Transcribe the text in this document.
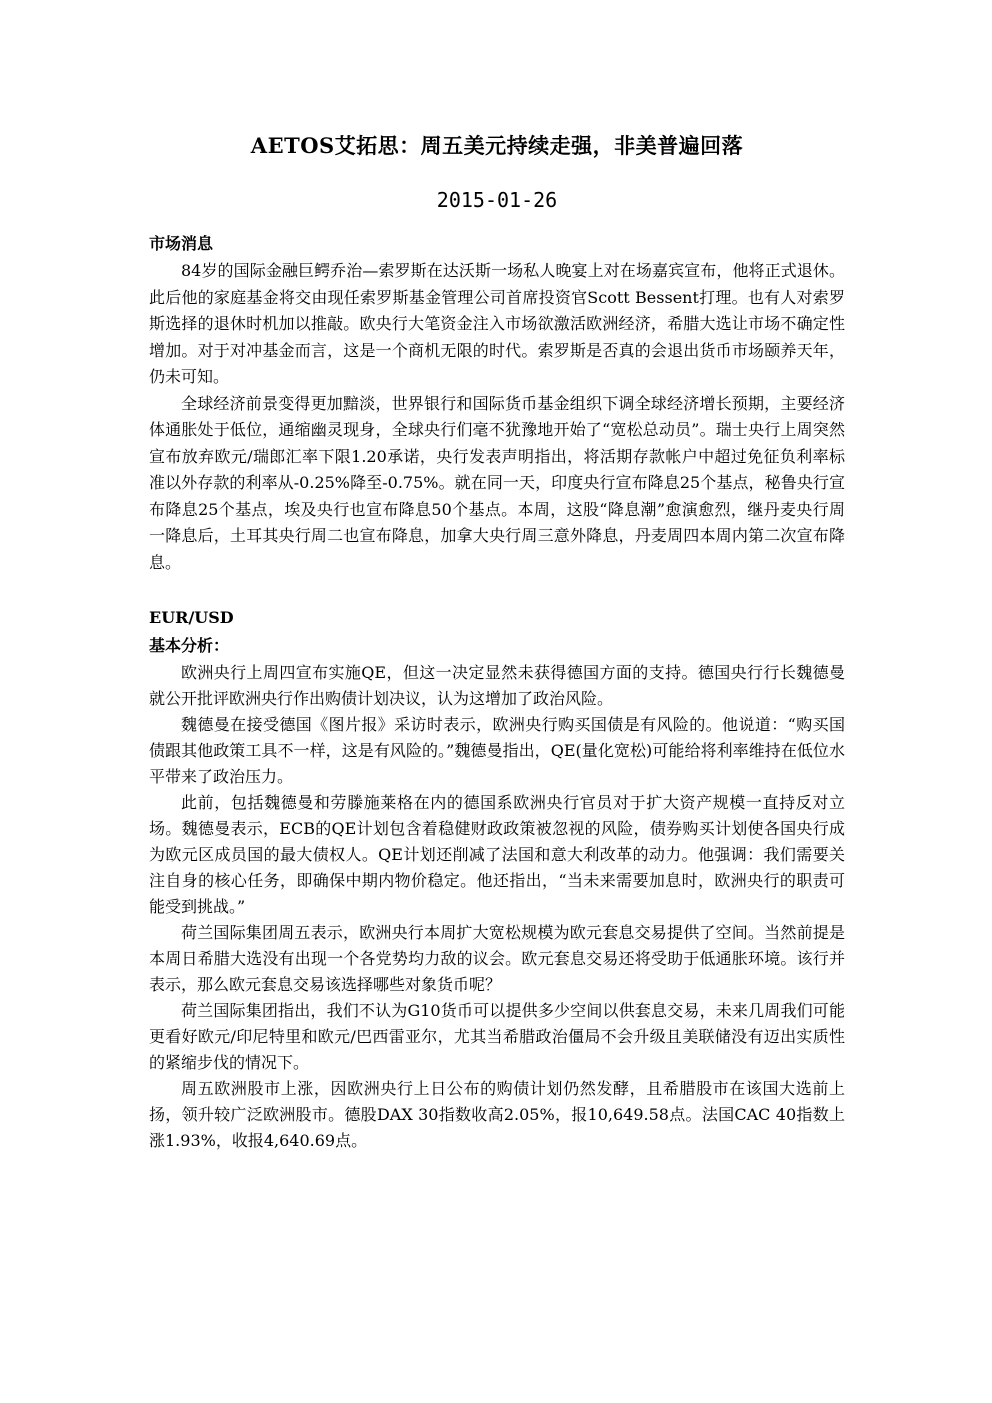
AETOS艾拓思：周五美元持续走强，非美普遍回落
2015-01-26
市场消息

84岁的国际金融巨鳄乔治—索罗斯在达沃斯一场私人晚宴上对在场嘉宾宣布，他将正式退休。此后他的家庭基金将交由现任索罗斯基金管理公司首席投资官Scott Bessent打理。也有人对索罗斯选择的退休时机加以推敲。欧央行大笔资金注入市场欲激活欧洲经济，希腊大选让市场不确定性增加。对于对冲基金而言，这是一个商机无限的时代。索罗斯是否真的会退出货币市场颐养天年，仍未可知。

全球经济前景变得更加黯淡，世界银行和国际货币基金组织下调全球经济增长预期，主要经济体通胀处于低位，通缩幽灵现身，全球央行们毫不犹豫地开始了“宽松总动员”。瑞士央行上周突然宣布放弃欧元/瑞郎汇率下限1.20承诺，央行发表声明指出，将活期存款帐户中超过免征负利率标准以外存款的利率从-0.25%降至-0.75%。就在同一天，印度央行宣布降息25个基点，秘鲁央行宣布降息25个基点，埃及央行也宣布降息50个基点。本周，这股“降息潮”愈演愈烈，继丹麦央行周一降息后，土耳其央行周二也宣布降息，加拿大央行周三意外降息，丹麦周四本周内第二次宣布降息。

EUR/USD
基本分析：

欧洲央行上周四宣布实施QE，但这一决定显然未获得德国方面的支持。德国央行行长魏德曼就公开批评欧洲央行作出购债计划决议，认为这增加了政治风险。

魏德曼在接受德国《图片报》采访时表示，欧洲央行购买国债是有风险的。他说道：“购买国债跟其他政策工具不一样，这是有风险的。”魏德曼指出，QE(量化宽松)可能给将利率维持在低位水平带来了政治压力。

此前，包括魏德曼和劳滕施莱格在内的德国系欧洲央行官员对于扩大资产规模一直持反对立场。魏德曼表示，ECB的QE计划包含着稳健财政政策被忽视的风险，债券购买计划使各国央行成为欧元区成员国的最大债权人。QE计划还削减了法国和意大利改革的动力。他强调：我们需要关注自身的核心任务，即确保中期内物价稳定。他还指出，“当未来需要加息时，欧洲央行的职责可能受到挑战。”

荷兰国际集团周五表示，欧洲央行本周扩大宽松规模为欧元套息交易提供了空间。当然前提是本周日希腊大选没有出现一个各党势均力敌的议会。欧元套息交易还将受助于低通胀环境。该行并表示，那么欧元套息交易该选择哪些对象货币呢？

荷兰国际集团指出，我们不认为G10货币可以提供多少空间以供套息交易，未来几周我们可能更看好欧元/印尼特里和欧元/巴西雷亚尔，尤其当希腊政治僵局不会升级且美联储没有迈出实质性的紧缩步伐的情况下。

周五欧洲股市上涨，因欧洲央行上日公布的购债计划仍然发酵，且希腊股市在该国大选前上扬，领升较广泛欧洲股市。德股DAX 30指数收高2.05%，报10,649.58点。法国CAC 40指数上涨1.93%，收报4,640.69点。
